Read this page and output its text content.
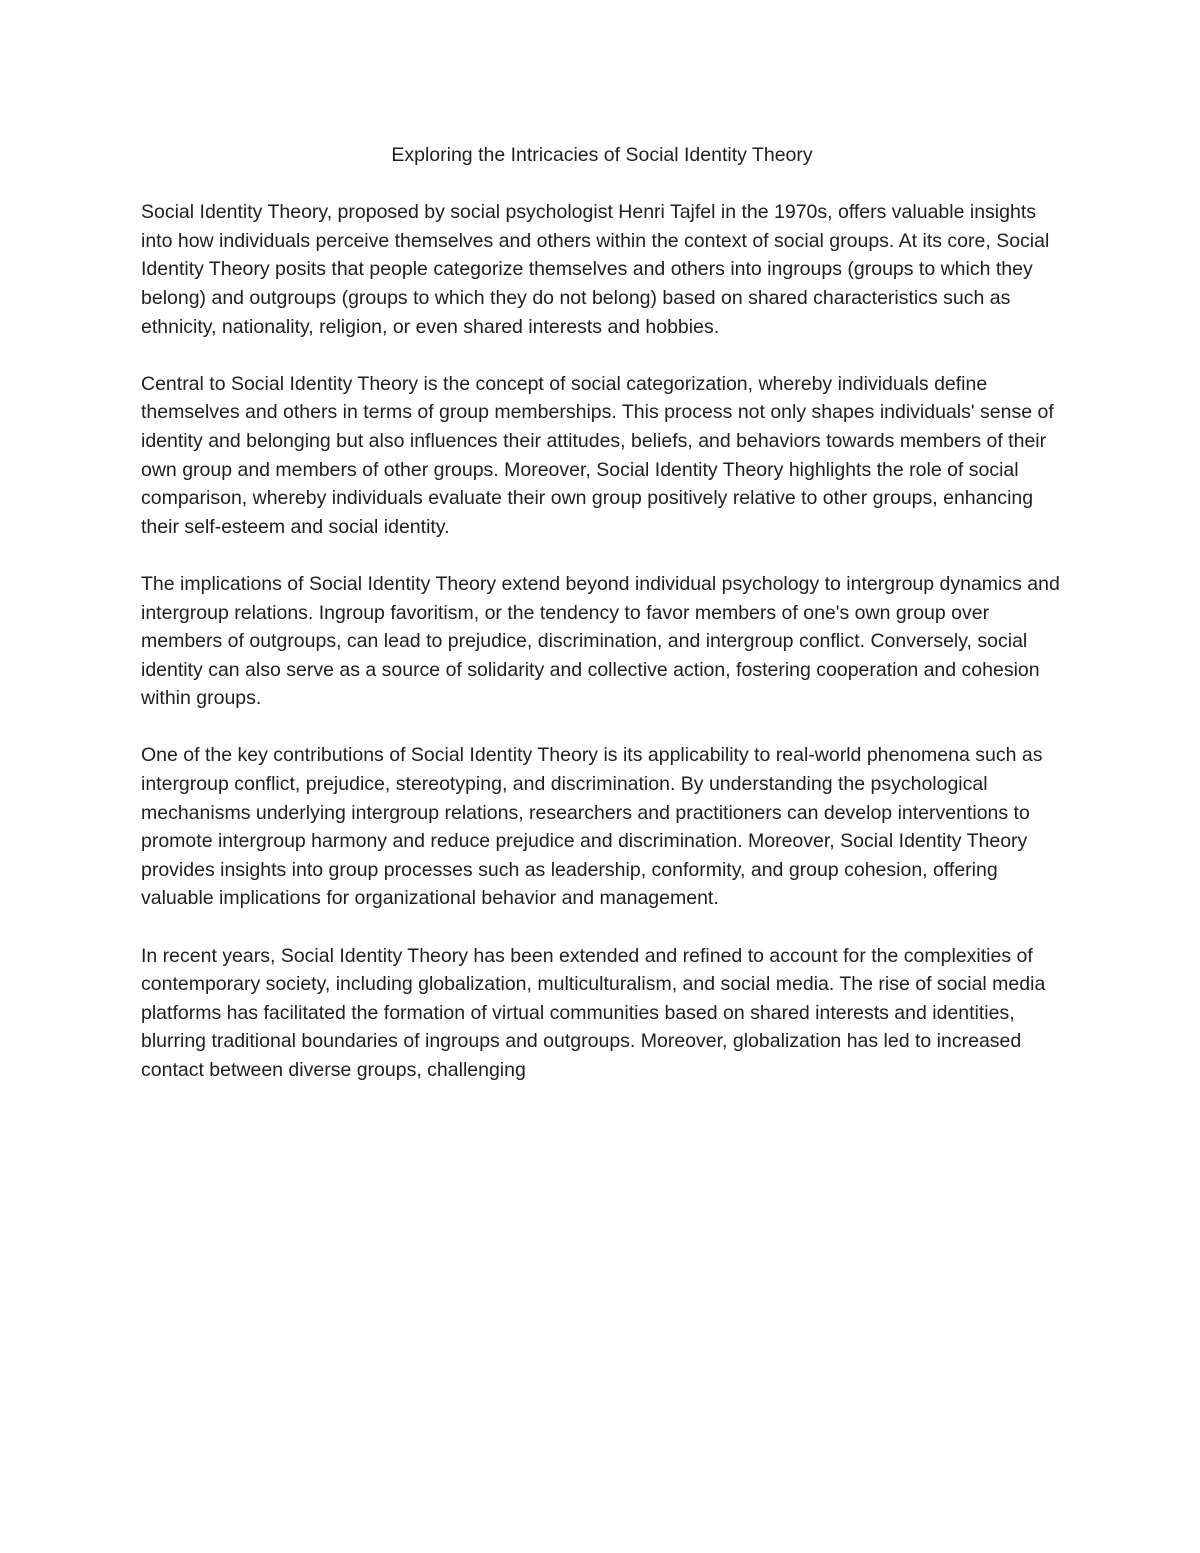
Exploring the Intricacies of Social Identity Theory

Social Identity Theory, proposed by social psychologist Henri Tajfel in the 1970s, offers valuable insights into how individuals perceive themselves and others within the context of social groups. At its core, Social Identity Theory posits that people categorize themselves and others into ingroups (groups to which they belong) and outgroups (groups to which they do not belong) based on shared characteristics such as ethnicity, nationality, religion, or even shared interests and hobbies.

Central to Social Identity Theory is the concept of social categorization, whereby individuals define themselves and others in terms of group memberships. This process not only shapes individuals' sense of identity and belonging but also influences their attitudes, beliefs, and behaviors towards members of their own group and members of other groups. Moreover, Social Identity Theory highlights the role of social comparison, whereby individuals evaluate their own group positively relative to other groups, enhancing their self-esteem and social identity.

The implications of Social Identity Theory extend beyond individual psychology to intergroup dynamics and intergroup relations. Ingroup favoritism, or the tendency to favor members of one's own group over members of outgroups, can lead to prejudice, discrimination, and intergroup conflict. Conversely, social identity can also serve as a source of solidarity and collective action, fostering cooperation and cohesion within groups.

One of the key contributions of Social Identity Theory is its applicability to real-world phenomena such as intergroup conflict, prejudice, stereotyping, and discrimination. By understanding the psychological mechanisms underlying intergroup relations, researchers and practitioners can develop interventions to promote intergroup harmony and reduce prejudice and discrimination. Moreover, Social Identity Theory provides insights into group processes such as leadership, conformity, and group cohesion, offering valuable implications for organizational behavior and management.

In recent years, Social Identity Theory has been extended and refined to account for the complexities of contemporary society, including globalization, multiculturalism, and social media. The rise of social media platforms has facilitated the formation of virtual communities based on shared interests and identities, blurring traditional boundaries of ingroups and outgroups. Moreover, globalization has led to increased contact between diverse groups, challenging
